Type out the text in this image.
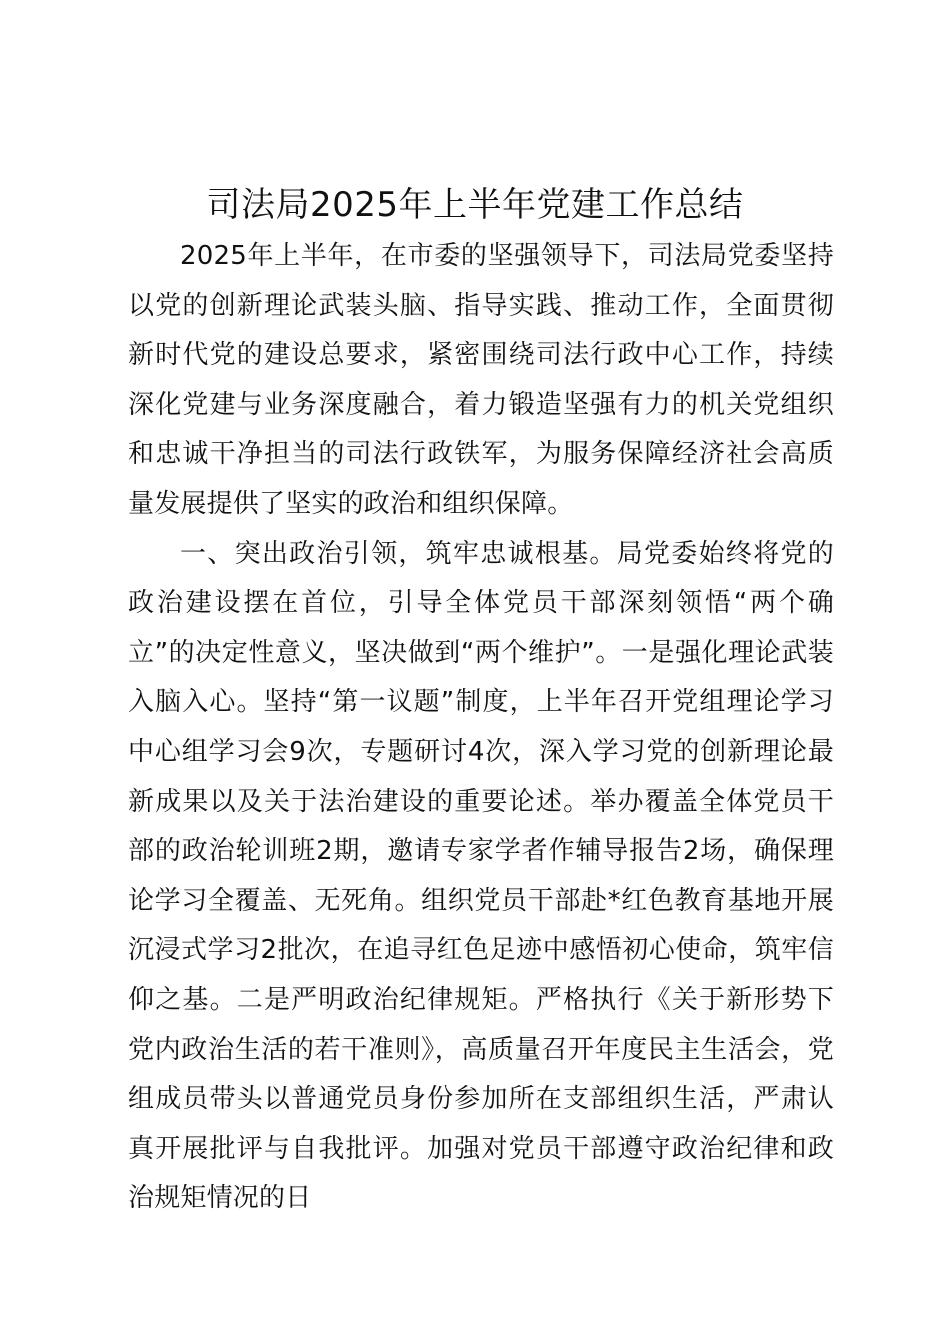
司法局2025年上半年党建工作总结

2025年上半年，在市委的坚强领导下，司法局党委坚持以党的创新理论武装头脑、指导实践、推动工作，全面贯彻新时代党的建设总要求，紧密围绕司法行政中心工作，持续深化党建与业务深度融合，着力锻造坚强有力的机关党组织和忠诚干净担当的司法行政铁军，为服务保障经济社会高质量发展提供了坚实的政治和组织保障。

一、突出政治引领，筑牢忠诚根基。局党委始终将党的政治建设摆在首位，引导全体党员干部深刻领悟“两个确立”的决定性意义，坚决做到“两个维护”。一是强化理论武装入脑入心。坚持“第一议题”制度，上半年召开党组理论学习中心组学习会9次，专题研讨4次，深入学习党的创新理论最新成果以及关于法治建设的重要论述。举办覆盖全体党员干部的政治轮训班2期，邀请专家学者作辅导报告2场，确保理论学习全覆盖、无死角。组织党员干部赴*红色教育基地开展沉浸式学习2批次，在追寻红色足迹中感悟初心使命，筑牢信仰之基。二是严明政治纪律规矩。严格执行《关于新形势下党内政治生活的若干准则》，高质量召开年度民主生活会，党组成员带头以普通党员身份参加所在支部组织生活，严肃认真开展批评与自我批评。加强对党员干部遵守政治纪律和政治规矩情况的日
